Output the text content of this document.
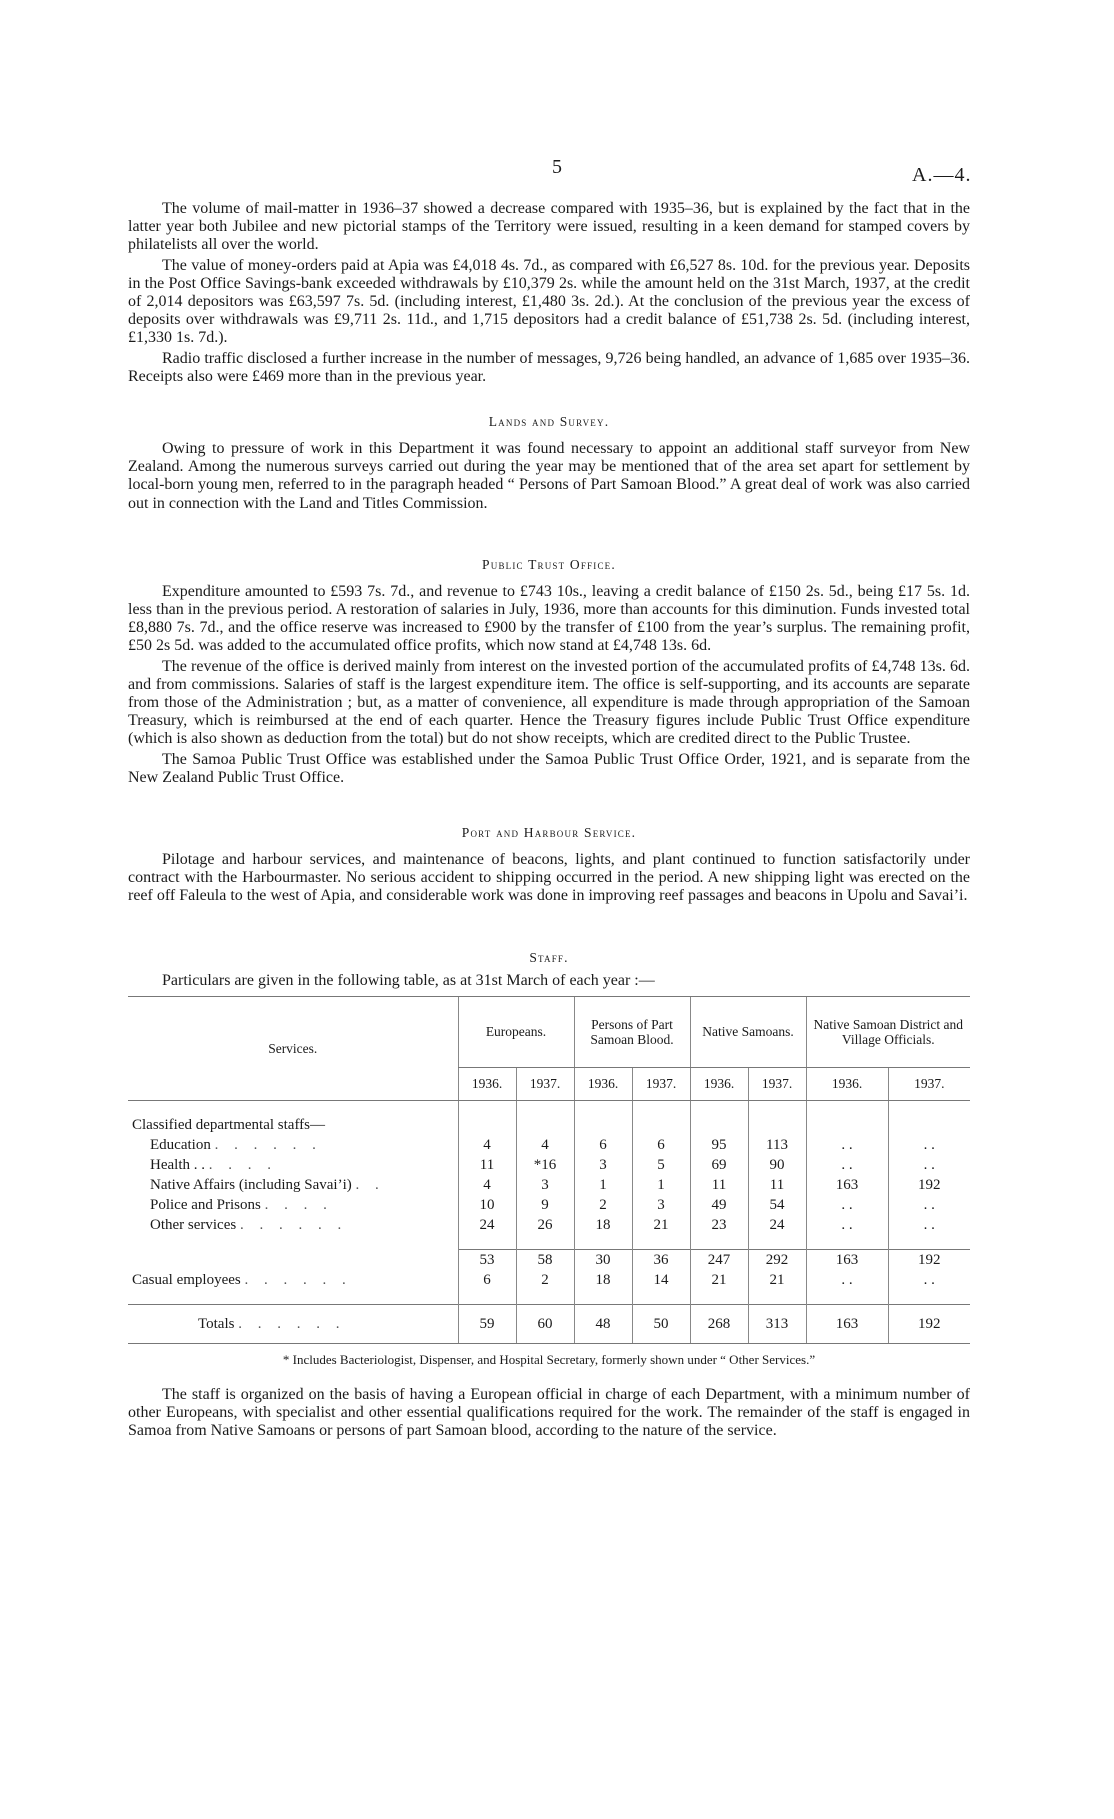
5	A.—4.

The volume of mail-matter in 1936–37 showed a decrease compared with 1935–36, but is explained by the fact that in the latter year both Jubilee and new pictorial stamps of the Territory were issued, resulting in a keen demand for stamped covers by philatelists all over the world.

The value of money-orders paid at Apia was £4,018 4s. 7d., as compared with £6,527 8s. 10d. for the previous year. Deposits in the Post Office Savings-bank exceeded withdrawals by £10,379 2s. while the amount held on the 31st March, 1937, at the credit of 2,014 depositors was £63,597 7s. 5d. (including interest, £1,480 3s. 2d.). At the conclusion of the previous year the excess of deposits over withdrawals was £9,711 2s. 11d., and 1,715 depositors had a credit balance of £51,738 2s. 5d. (including interest, £1,330 1s. 7d.).

Radio traffic disclosed a further increase in the number of messages, 9,726 being handled, an advance of 1,685 over 1935–36. Receipts also were £469 more than in the previous year.

Lands and Survey.

Owing to pressure of work in this Department it was found necessary to appoint an additional staff surveyor from New Zealand. Among the numerous surveys carried out during the year may be mentioned that of the area set apart for settlement by local-born young men, referred to in the paragraph headed “ Persons of Part Samoan Blood.” A great deal of work was also carried out in connection with the Land and Titles Commission.

Public Trust Office.

Expenditure amounted to £593 7s. 7d., and revenue to £743 10s., leaving a credit balance of £150 2s. 5d., being £17 5s. 1d. less than in the previous period. A restoration of salaries in July, 1936, more than accounts for this diminution. Funds invested total £8,880 7s. 7d., and the office reserve was increased to £900 by the transfer of £100 from the year’s surplus. The remaining profit, £50 2s 5d. was added to the accumulated office profits, which now stand at £4,748 13s. 6d.

The revenue of the office is derived mainly from interest on the invested portion of the accumulated profits of £4,748 13s. 6d. and from commissions. Salaries of staff is the largest expenditure item. The office is self-supporting, and its accounts are separate from those of the Administration ; but, as a matter of convenience, all expenditure is made through appropriation of the Samoan Treasury, which is reimbursed at the end of each quarter. Hence the Treasury figures include Public Trust Office expenditure (which is also shown as deduction from the total) but do not show receipts, which are credited direct to the Public Trustee.

The Samoa Public Trust Office was established under the Samoa Public Trust Office Order, 1921, and is separate from the New Zealand Public Trust Office.

Port and Harbour Service.

Pilotage and harbour services, and maintenance of beacons, lights, and plant continued to function satisfactorily under contract with the Harbourmaster. No serious accident to shipping occurred in the period. A new shipping light was erected on the reef off Faleula to the west of Apia, and considerable work was done in improving reef passages and beacons in Upolu and Savai’i.

Staff.

Particulars are given in the following table, as at 31st March of each year :—

Services.	Europeans.		Persons of Part Samoan Blood.		Native Samoans.		Native Samoan District and Village Officials.	
	1936.	1937.	1936.	1937.	1936.	1937.	1936.	1937.

Classified departmental staffs—								
Education . . . . . .	4	4	6	6	95	113	. .	. .
Health . . . . . .	11	*16	3	5	69	90	. .	. .
Native Affairs (including Savai’i) . .	4	3	1	1	11	11	163	192
Police and Prisons . . . .	10	9	2	3	49	54	. .	. .
Other services . . . . . .	24	26	18	21	23	24	. .	. .

	53	58	30	36	247	292	163	192
Casual employees . . . . . .	6	2	18	14	21	21	. .	. .

Totals . . . . . .	59	60	48	50	268	313	163	192
* Includes Bacteriologist, Dispenser, and Hospital Secretary, formerly shown under “ Other Services.”

The staff is organized on the basis of having a European official in charge of each Department, with a minimum number of other Europeans, with specialist and other essential qualifications required for the work. The remainder of the staff is engaged in Samoa from Native Samoans or persons of part Samoan blood, according to the nature of the service.
